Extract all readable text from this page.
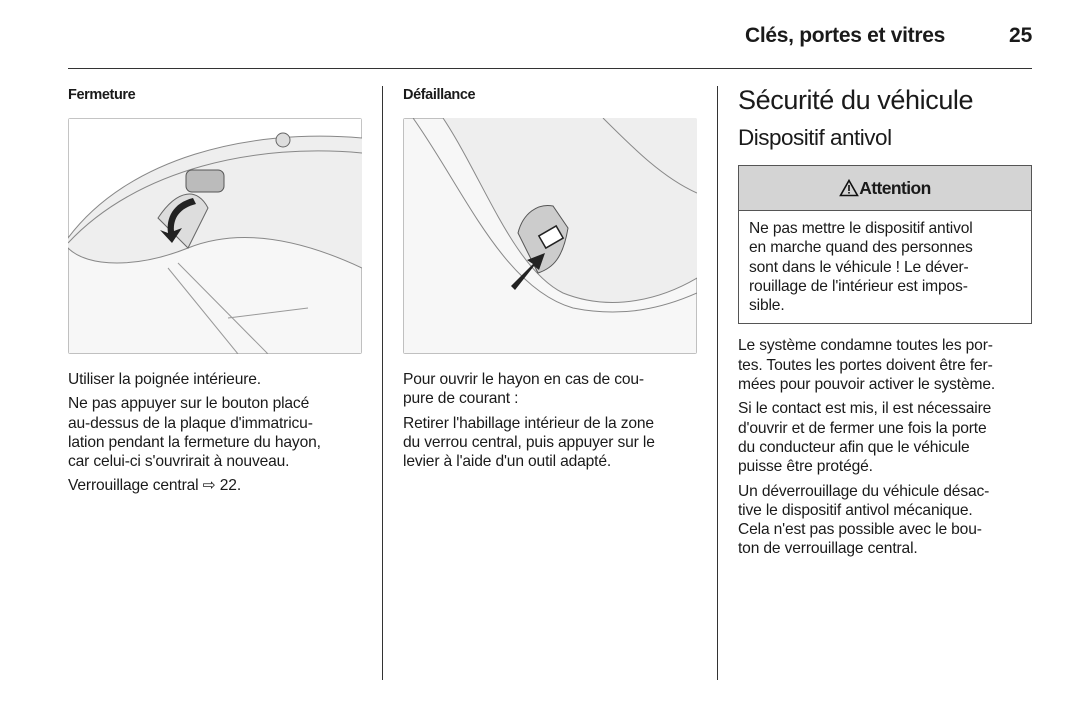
Clés, portes et vitres	25
Fermeture
Utiliser la poignée intérieure.
Ne pas appuyer sur le bouton placé
au-dessus de la plaque d'immatricu-
lation pendant la fermeture du hayon,
car celui-ci s'ouvrirait à nouveau.
Verrouillage central ⇨ 22.
Défaillance
Pour ouvrir le hayon en cas de cou-
pure de courant :
Retirer l'habillage intérieur de la zone
du verrou central, puis appuyer sur le
levier à l'aide d'un outil adapté.
Sécurité du véhicule
Dispositif antivol
Attention
Ne pas mettre le dispositif antivol
en marche quand des personnes
sont dans le véhicule ! Le déver-
rouillage de l'intérieur est impos-
sible.
Le système condamne toutes les por-
tes. Toutes les portes doivent être fer-
mées pour pouvoir activer le système.
Si le contact est mis, il est nécessaire
d'ouvrir et de fermer une fois la porte
du conducteur afin que le véhicule
puisse être protégé.
Un déverrouillage du véhicule désac-
tive le dispositif antivol mécanique.
Cela n'est pas possible avec le bou-
ton de verrouillage central.
